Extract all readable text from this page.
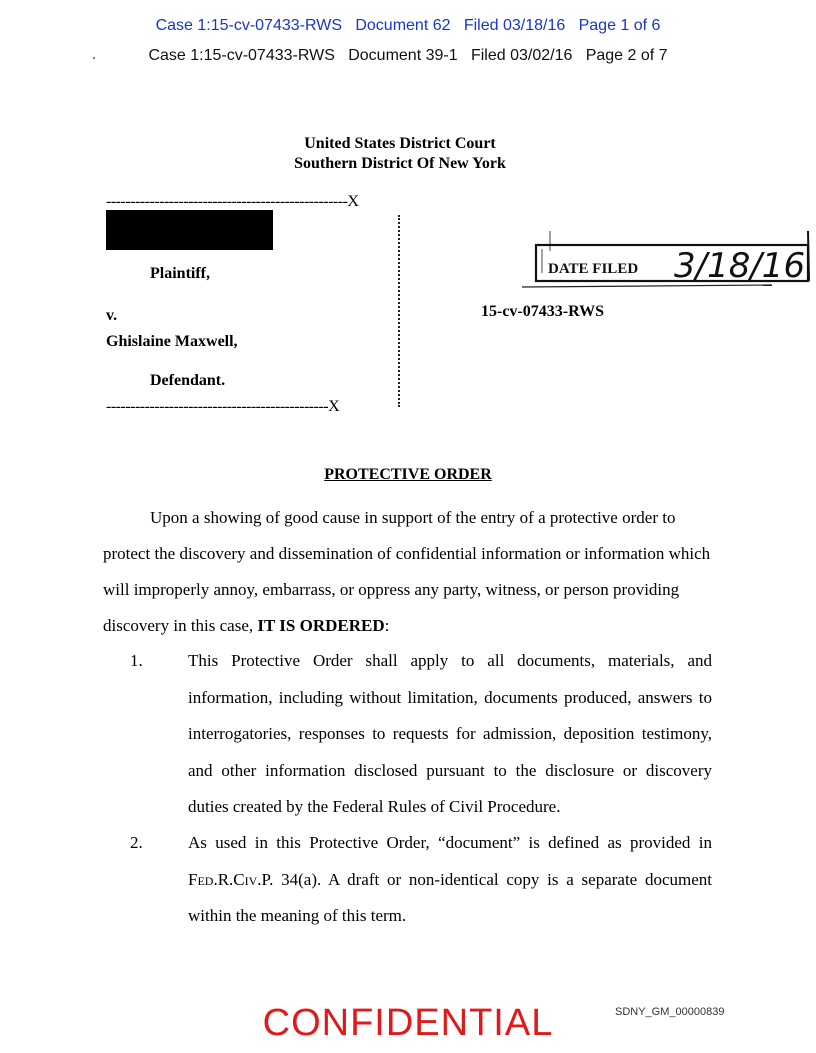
Case 1:15-cv-07433-RWS   Document 62   Filed 03/18/16   Page 1 of 6
Case 1:15-cv-07433-RWS   Document 39-1   Filed 03/02/16   Page 2 of 7
United States District Court
Southern District Of New York
--------------------------------------------------X
Plaintiff,
v.
Ghislaine Maxwell,
Defendant.
----------------------------------------------X
DATE FILED 3/18/16
15-cv-07433-RWS
PROTECTIVE ORDER
Upon a showing of good cause in support of the entry of a protective order to protect the discovery and dissemination of confidential information or information which will improperly annoy, embarrass, or oppress any party, witness, or person providing discovery in this case, IT IS ORDERED:
1.	This Protective Order shall apply to all documents, materials, and information, including without limitation, documents produced, answers to interrogatories, responses to requests for admission, deposition testimony, and other information disclosed pursuant to the disclosure or discovery duties created by the Federal Rules of Civil Procedure.
2.	As used in this Protective Order, “document” is defined as provided in Fed.R.Civ.P. 34(a). A draft or non-identical copy is a separate document within the meaning of this term.
CONFIDENTIAL	SDNY_GM_00000839
